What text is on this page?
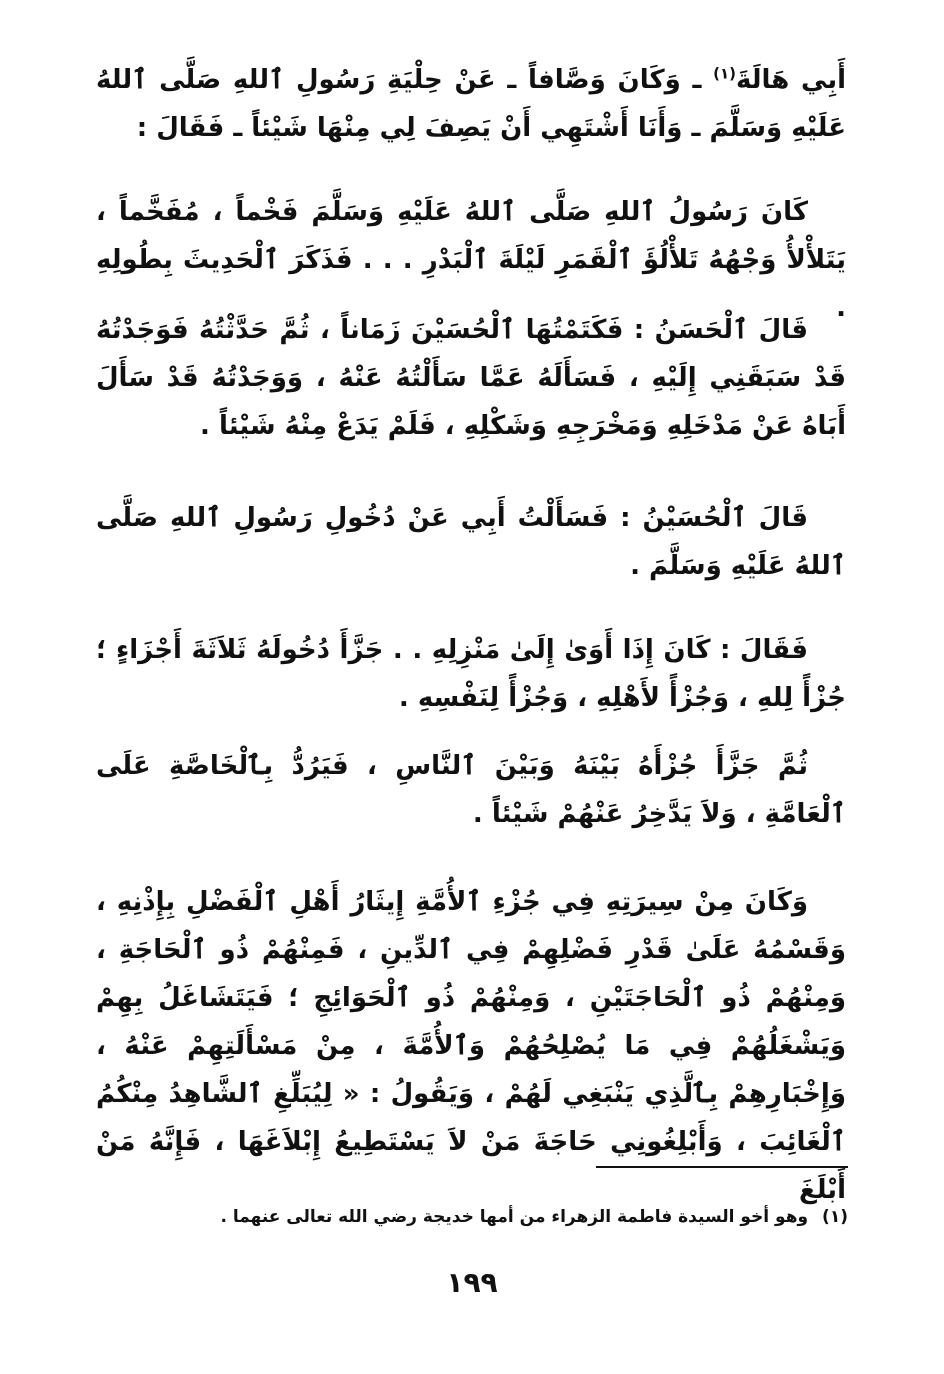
أَبِي هَالَةَ$^{(١)}$ ـ وَكَانَ وَصَّافاً ـ عَنْ حِلْيَةِ رَسُولِ ٱللهِ صَلَّى ٱللهُ عَلَيْهِ وَسَلَّمَ ـ وَأَنَا أَشْتَهِي أَنْ يَصِفَ لِي مِنْهَا شَيْئاً ـ فَقَالَ :
كَانَ رَسُولُ ٱللهِ صَلَّى ٱللهُ عَلَيْهِ وَسَلَّمَ فَخْماً ، مُفَخَّماً ، يَتَلأْلأُ وَجْهُهُ تَلأْلُؤَ ٱلْقَمَرِ لَيْلَةَ ٱلْبَدْرِ . . . فَذَكَرَ ٱلْحَدِيثَ بِطُولِهِ .
قَالَ ٱلْحَسَنُ : فَكَتَمْتُهَا ٱلْحُسَيْنَ زَمَاناً ، ثُمَّ حَدَّثْتُهُ فَوَجَدْتُهُ قَدْ سَبَقَنِي إِلَيْهِ ، فَسَأَلَهُ عَمَّا سَأَلْتُهُ عَنْهُ ، وَوَجَدْتُهُ قَدْ سَأَلَ أَبَاهُ عَنْ مَدْخَلِهِ وَمَخْرَجِهِ وَشَكْلِهِ ، فَلَمْ يَدَعْ مِنْهُ شَيْئاً .
قَالَ ٱلْحُسَيْنُ : فَسَأَلْتُ أَبِي عَنْ دُخُولِ رَسُولِ ٱللهِ صَلَّى ٱللهُ عَلَيْهِ وَسَلَّمَ .
فَقَالَ : كَانَ إِذَا أَوَىٰ إِلَىٰ مَنْزِلِهِ . . جَزَّأَ دُخُولَهُ ثَلاَثَةَ أَجْزَاءٍ ؛ جُزْأً لِلهِ ، وَجُزْأً لأَهْلِهِ ، وَجُزْأً لِنَفْسِهِ .
ثُمَّ جَزَّأَ جُزْأَهُ بَيْنَهُ وَبَيْنَ ٱلنَّاسِ ، فَيَرُدُّ بِٱلْخَاصَّةِ عَلَى ٱلْعَامَّةِ ، وَلاَ يَدَّخِرُ عَنْهُمْ شَيْئاً .
وَكَانَ مِنْ سِيرَتِهِ فِي جُزْءِ ٱلأُمَّةِ إِيثَارُ أَهْلِ ٱلْفَضْلِ بِإِذْنِهِ ، وَقَسْمُهُ عَلَىٰ قَدْرِ فَضْلِهِمْ فِي ٱلدِّينِ ، فَمِنْهُمْ ذُو ٱلْحَاجَةِ ، وَمِنْهُمْ ذُو ٱلْحَاجَتَيْنِ ، وَمِنْهُمْ ذُو ٱلْحَوَائِجِ ؛ فَيَتَشَاغَلُ بِهِمْ وَيَشْغَلُهُمْ فِي مَا يُصْلِحُهُمْ وَٱلأُمَّةَ ، مِنْ مَسْأَلَتِهِمْ عَنْهُ ، وَإِخْبَارِهِمْ بِٱلَّذِي يَنْبَغِي لَهُمْ ، وَيَقُولُ : « لِيُبَلِّغِ ٱلشَّاهِدُ مِنْكُمُ ٱلْغَائِبَ ، وَأَبْلِغُونِي حَاجَةَ مَنْ لاَ يَسْتَطِيعُ إِبْلاَغَهَا ، فَإِنَّهُ مَنْ أَبْلَغَ
(١)وهو أخو السيدة فاطمة الزهراء من أمها خديجة رضي الله تعالى عنهما .
١٩٩
